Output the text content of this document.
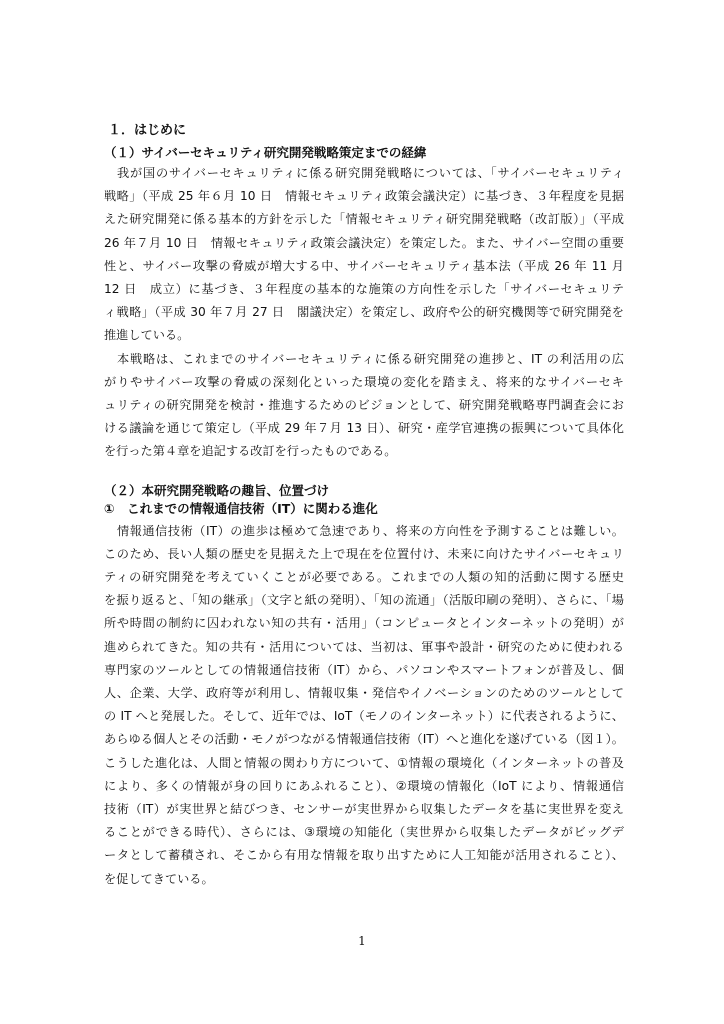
１．はじめに
（１）サイバーセキュリティ研究開発戦略策定までの経緯
我が国のサイバーセキュリティに係る研究開発戦略については、「サイバーセキュリティ
戦略」（平成 25 年６月 10 日　情報セキュリティ政策会議決定）に基づき、３年程度を見据
えた研究開発に係る基本的方針を示した「情報セキュリティ研究開発戦略（改訂版）」（平成
26 年７月 10 日　情報セキュリティ政策会議決定）を策定した。また、サイバー空間の重要
性と、サイバー攻撃の脅威が増大する中、サイバーセキュリティ基本法（平成 26 年 11 月
12 日　成立）に基づき、３年程度の基本的な施策の方向性を示した「サイバーセキュリテ
ィ戦略」（平成 30 年７月 27 日　閣議決定）を策定し、政府や公的研究機関等で研究開発を
推進している。
本戦略は、これまでのサイバーセキュリティに係る研究開発の進捗と、IT の利活用の広
がりやサイバー攻撃の脅威の深刻化といった環境の変化を踏まえ、将来的なサイバーセキ
ュリティの研究開発を検討・推進するためのビジョンとして、研究開発戦略専門調査会にお
ける議論を通じて策定し（平成 29 年７月 13 日）、研究・産学官連携の振興について具体化
を行った第４章を追記する改訂を行ったものである。
（２）本研究開発戦略の趣旨、位置づけ
①　これまでの情報通信技術（IT）に関わる進化
情報通信技術（IT）の進歩は極めて急速であり、将来の方向性を予測することは難しい。
このため、長い人類の歴史を見据えた上で現在を位置付け、未来に向けたサイバーセキュリ
ティの研究開発を考えていくことが必要である。これまでの人類の知的活動に関する歴史
を振り返ると、「知の継承」（文字と紙の発明）、「知の流通」（活版印刷の発明）、さらに、「場
所や時間の制約に囚われない知の共有・活用」（コンピュータとインターネットの発明）が
進められてきた。知の共有・活用については、当初は、軍事や設計・研究のために使われる
専門家のツールとしての情報通信技術（IT）から、パソコンやスマートフォンが普及し、個
人、企業、大学、政府等が利用し、情報収集・発信やイノベーションのためのツールとして
の IT へと発展した。そして、近年では、IoT（モノのインターネット）に代表されるように、
あらゆる個人とその活動・モノがつながる情報通信技術（IT）へと進化を遂げている（図１）。
こうした進化は、人間と情報の関わり方について、①情報の環境化（インターネットの普及
により、多くの情報が身の回りにあふれること）、②環境の情報化（IoT により、情報通信
技術（IT）が実世界と結びつき、センサーが実世界から収集したデータを基に実世界を変え
ることができる時代）、さらには、③環境の知能化（実世界から収集したデータがビッグデ
ータとして蓄積され、そこから有用な情報を取り出すために人工知能が活用されること）、
を促してきている。
1
